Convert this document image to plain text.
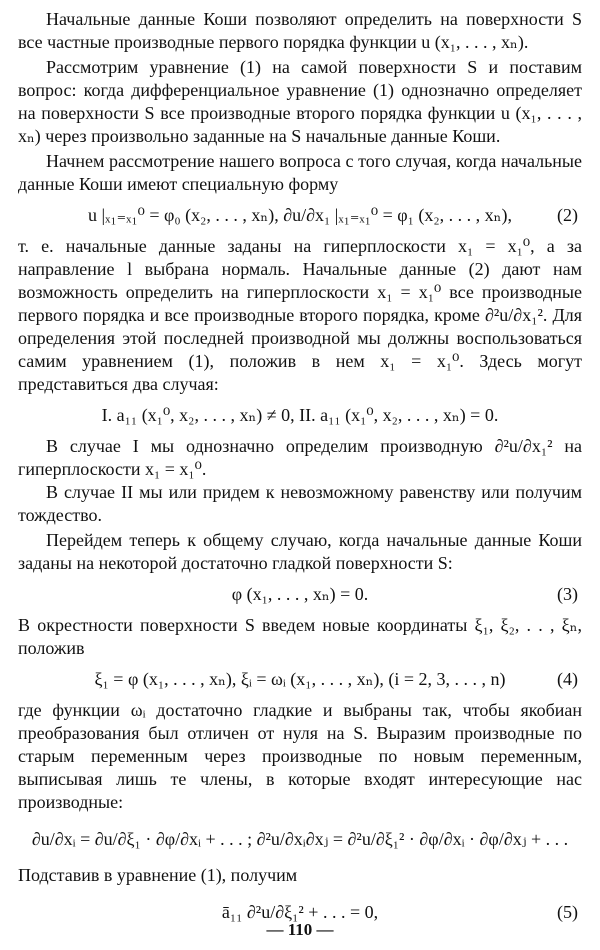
Начальные данные Коши позволяют определить на поверхности S все частные производные первого порядка функции u (x₁, . . . , xₙ).

Рассмотрим уравнение (1) на самой поверхности S и поставим вопрос: когда дифференциальное уравнение (1) однозначно определяет на поверхности S все производные второго порядка функции u (x₁, . . . , xₙ) через произвольно заданные на S начальные данные Коши.

Начнем рассмотрение нашего вопроса с того случая, когда начальные данные Коши имеют специальную форму

u |ₓ₁₌ₓ₁⁰ = φ₀ (x₂, . . . , xₙ), ∂u/∂x₁ |ₓ₁₌ₓ₁⁰ = φ₁ (x₂, . . . , xₙ),	(2)

т. е. начальные данные заданы на гиперплоскости x₁ = x₁⁰, а за направление l выбрана нормаль. Начальные данные (2) дают нам возможность определить на гиперплоскости x₁ = x₁⁰ все производные первого порядка и все производные второго порядка, кроме ∂²u/∂x₁². Для определения этой последней производной мы должны воспользоваться самим уравнением (1), положив в нем x₁ = x₁⁰. Здесь могут представиться два случая:

I. a₁₁ (x₁⁰, x₂, . . . , xₙ) ≠ 0, II. a₁₁ (x₁⁰, x₂, . . . , xₙ) = 0.

В случае I мы однозначно определим производную ∂²u/∂x₁² на гиперплоскости x₁ = x₁⁰.

В случае II мы или придем к невозможному равенству или получим тождество.

Перейдем теперь к общему случаю, когда начальные данные Коши заданы на некоторой достаточно гладкой поверхности S:

φ (x₁, . . . , xₙ) = 0.	(3)

В окрестности поверхности S введем новые координаты ξ₁, ξ₂, . . , ξₙ, положив

ξ₁ = φ (x₁, . . . , xₙ), ξᵢ = ωᵢ (x₁, . . . , xₙ), (i = 2, 3, . . . , n)	(4)

где функции ωᵢ достаточно гладкие и выбраны так, чтобы якобиан преобразования был отличен от нуля на S. Выразим производные по старым переменным через производные по новым переменным, выписывая лишь те члены, в которые входят интересующие нас производные:

∂u/∂xᵢ = ∂u/∂ξ₁ · ∂φ/∂xᵢ + . . . ; ∂²u/∂xᵢ∂xⱼ = ∂²u/∂ξ₁² · ∂φ/∂xᵢ · ∂φ/∂xⱼ + . . .

Подставив в уравнение (1), получим

ā₁₁ ∂²u/∂ξ₁² + . . . = 0,	(5)
— 110 —
